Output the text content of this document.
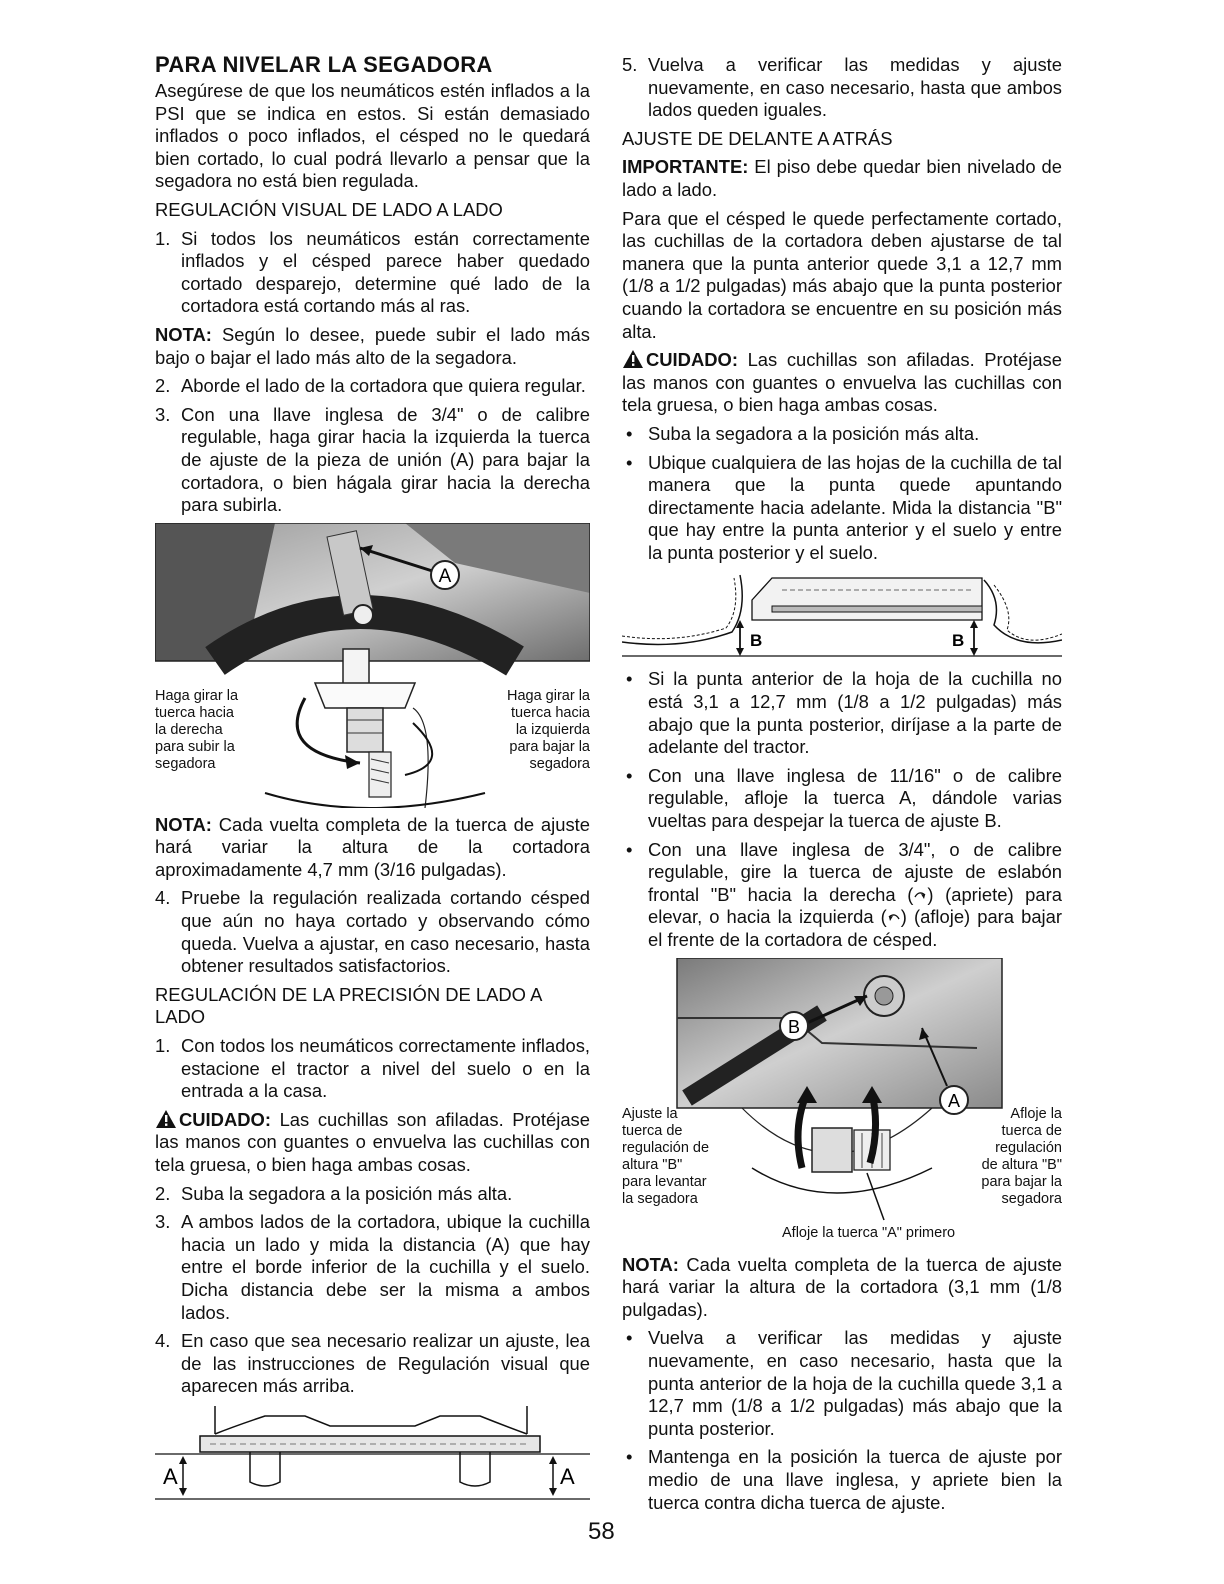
PARA NIVELAR LA SEGADORA

Asegúrese de que los neumáticos estén inflados a la PSI que se indica en estos. Si están demasiado inflados o poco inflados, el césped no le quedará bien cortado, lo cual podrá llevarlo a pensar que la segadora no está bien regulada.

REGULACIÓN VISUAL DE LADO A LADO
1. Si todos los neumáticos están correctamente inflados y el césped parece haber quedado cortado desparejo, determine qué lado de la cortadora está cortando más al ras.

NOTA: Según lo desee, puede subir el lado más bajo o bajar el lado más alto de la segadora.

2. Aborde el lado de la cortadora que quiera regular.
3. Con una llave inglesa de 3/4" o de calibre regulable, haga girar hacia la izquierda la tuerca de ajuste de la pieza de unión (A) para bajar la cortadora, o bien hágala girar hacia la derecha para subirla.
A
Haga girar la
tuerca hacia
la derecha
para subir la
segadora
Haga girar la
tuerca hacia
la izquierda
para bajar la
segadora

NOTA: Cada vuelta completa de la tuerca de ajuste hará variar la altura de la cortadora aproximadamente 4,7 mm (3/16 pulgadas).

4. Pruebe la regulación realizada cortando césped que aún no haya cortado y observando cómo queda. Vuelva a ajustar, en caso necesario, hasta obtener resultados satisfactorios.
REGULACIÓN DE LA PRECISIÓN DE LADO A LADO
1. Con todos los neumáticos correctamente inflados, estacione el tractor a nivel del suelo o en la entrada a la casa.

CUIDADO: Las cuchillas son afiladas. Protéjase las manos con guantes o envuelva las cuchillas con tela gruesa, o bien haga ambas cosas.

2. Suba la segadora a la posición más alta.
3. A ambos lados de la cortadora, ubique la cuchilla hacia un lado y mida la distancia (A) que hay entre el borde inferior de la cuchilla y el suelo. Dicha distancia debe ser la misma a ambos lados.
4. En caso que sea necesario realizar un ajuste, lea de las instrucciones de Regulación visual que aparecen más arriba.
A	A
5. Vuelva a verificar las medidas y ajuste nuevamente, en caso necesario, hasta que ambos lados queden iguales.
AJUSTE DE DELANTE A ATRÁS

IMPORTANTE: El piso debe quedar bien nivelado de lado a lado.

Para que el césped le quede perfectamente cortado, las cuchillas de la cortadora deben ajustarse de tal manera que la punta anterior quede 3,1 a 12,7 mm (1/8 a 1/2 pulgadas) más abajo que la punta posterior cuando la cortadora se encuentre en su posición más alta.

CUIDADO: Las cuchillas son afiladas. Protéjase las manos con guantes o envuelva las cuchillas con tela gruesa, o bien haga ambas cosas.

• Suba la segadora a la posición más alta.
• Ubique cualquiera de las hojas de la cuchilla de tal manera que la punta quede apuntando directamente hacia adelante. Mida la distancia "B" que hay entre la punta anterior y el suelo y entre la punta posterior y el suelo.
B	B
• Si la punta anterior de la hoja de la cuchilla no está 3,1 a 12,7 mm (1/8 a 1/2 pulgadas) más abajo que la punta posterior, diríjase a la parte de adelante del tractor.
• Con una llave inglesa de 11/16" o de calibre regulable, afloje la tuerca A, dándole varias vueltas para despejar la tuerca de ajuste B.
• Con una llave inglesa de 3/4", o de calibre regulable, gire la tuerca de ajuste de eslabón frontal "B" hacia la derecha ( ) (apriete) para elevar, o hacia la izquierda ( ) (afloje) para bajar el frente de la cortadora de césped.
B
A
Ajuste la
tuerca de
regulación de
altura "B"
para levantar
la segadora
Afloje la
tuerca de
regulación
de altura "B"
para bajar la
segadora
Afloje la tuerca "A" primero

NOTA: Cada vuelta completa de la tuerca de ajuste hará variar la altura de la cortadora (3,1 mm (1/8 pulgadas).

• Vuelva a verificar las medidas y ajuste nuevamente, en caso necesario, hasta que la punta anterior de la hoja de la cuchilla quede 3,1 a 12,7 mm (1/8 a 1/2 pulgadas) más abajo que la punta posterior.
• Mantenga en la posición la tuerca de ajuste por medio de una llave inglesa, y apriete bien la tuerca contra dicha tuerca de ajuste.
58
